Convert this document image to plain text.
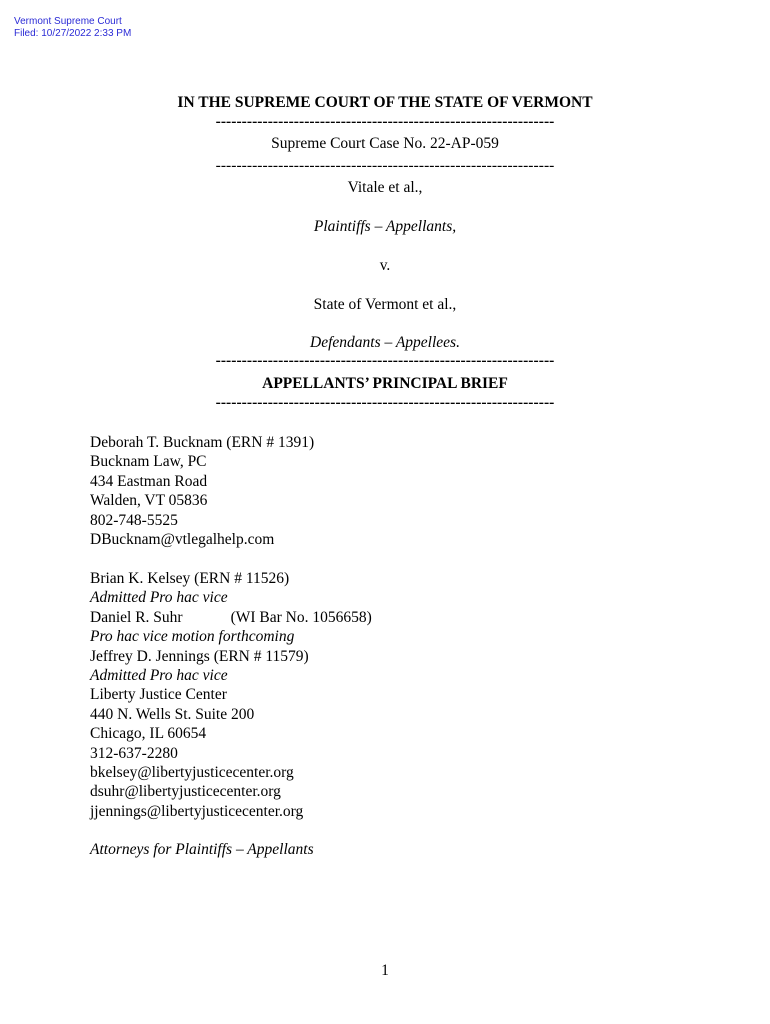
Vermont Supreme Court
Filed: 10/27/2022 2:33 PM
IN THE SUPREME COURT OF THE STATE OF VERMONT
-----------------------------------------------------------------
Supreme Court Case No. 22-AP-059
-----------------------------------------------------------------
Vitale et al.,
Plaintiffs – Appellants,
v.
State of Vermont et al.,
Defendants – Appellees.
-----------------------------------------------------------------
APPELLANTS’ PRINCIPAL BRIEF
-----------------------------------------------------------------
Deborah T. Bucknam (ERN # 1391)
Bucknam Law, PC
434 Eastman Road
Walden, VT 05836
802-748-5525
DBucknam@vtlegalhelp.com
Brian K. Kelsey (ERN # 11526)
Admitted Pro hac vice
Daniel R. Suhr	(WI Bar No. 1056658)
Pro hac vice motion forthcoming
Jeffrey D. Jennings (ERN # 11579)
Admitted Pro hac vice
Liberty Justice Center
440 N. Wells St. Suite 200
Chicago, IL 60654
312-637-2280
bkelsey@libertyjusticecenter.org
dsuhr@libertyjusticecenter.org
jjennings@libertyjusticecenter.org
Attorneys for Plaintiffs – Appellants
1
